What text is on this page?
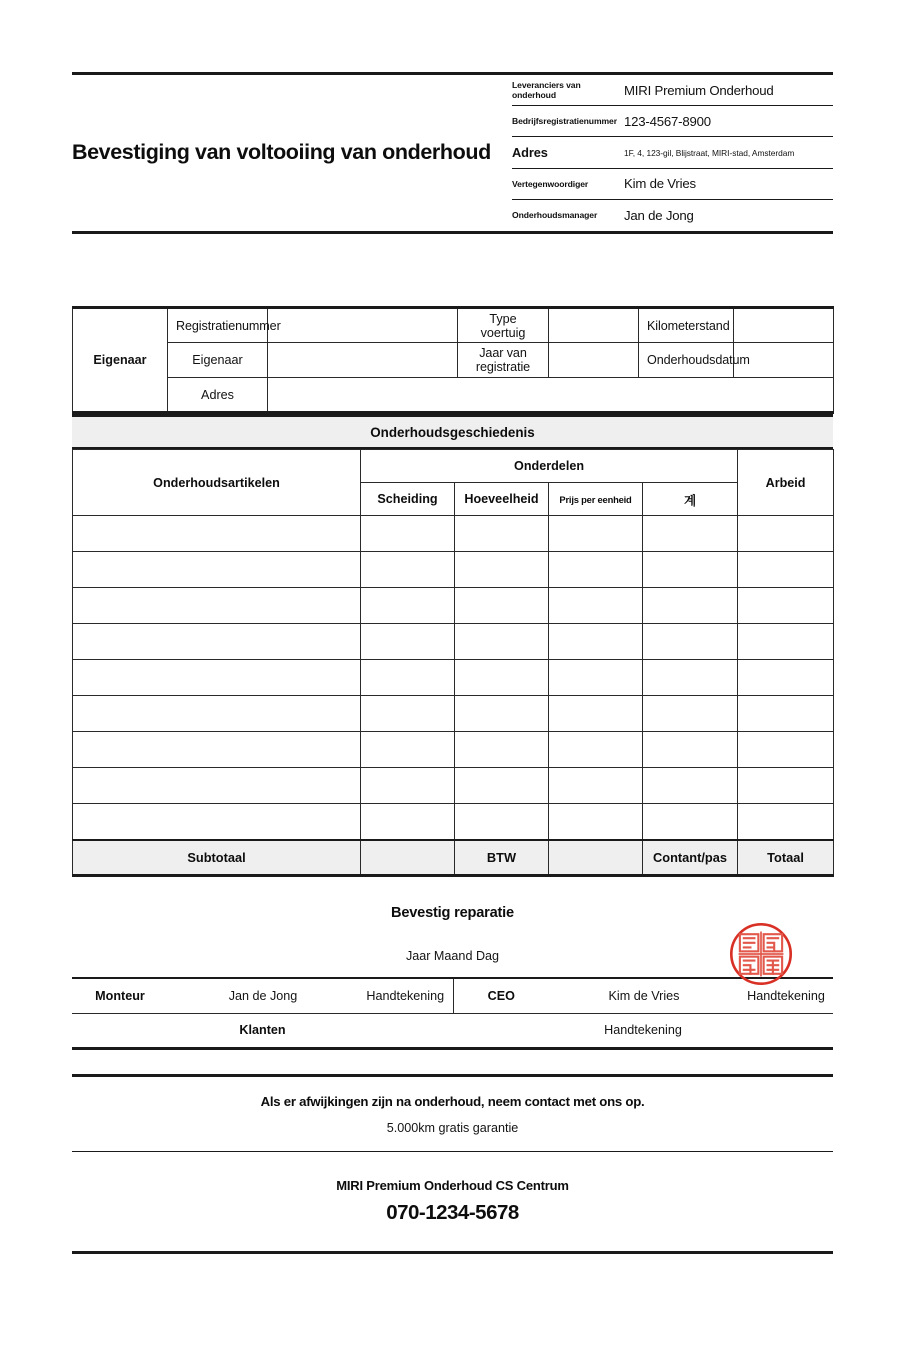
Bevestiging van voltooiing van onderhoud
Leveranciers van onderhoud	MIRI Premium Onderhoud
Bedrijfsregistratienummer 123-4567-8900
Adres	1F, 4, 123-gil, Blijstraat, MIRI-stad, Amsterdam
Vertegenwoordiger	Kim de Vries
Onderhoudsmanager	Jan de Jong
Eigenaar	Registratienummer		Type voertuig		Kilometerstand	
	Eigenaar		Jaar van registratie		Onderhoudsdatum	
	Adres					
Onderhoudsgeschiedenis
Onderhoudsartikelen	Onderdelen				Arbeid	
	Scheiding	Hoeveelheid	Prijs per eenheid	계		

Subtotaal		BTW		Contant/pas	Totaal	
Bevestig reparatie
Jaar Maand Dag
Monteur	Jan de Jong	Handtekening	CEO	Kim de Vries	Handtekening
Klanten			Handtekening		
Als er afwijkingen zijn na onderhoud, neem contact met ons op.
5.000km gratis garantie
MIRI Premium Onderhoud CS Centrum
070-1234-5678
